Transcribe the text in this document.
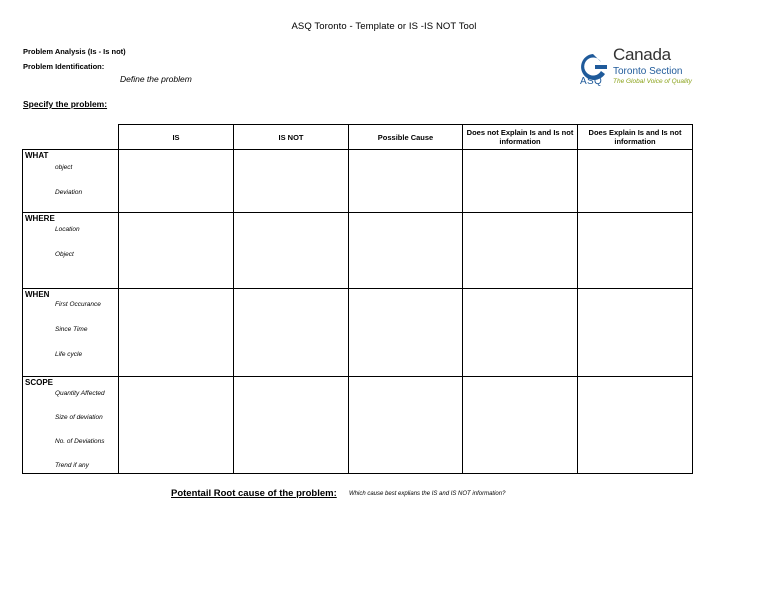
ASQ Toronto - Template or IS -IS NOT Tool
Problem Analysis (Is - Is not)
Problem Identification:
Define the problem
Specify the problem:
ASQ
Canada
Toronto Section
The Global Voice of Quality
	IS	IS NOT	Possible Cause	Does not Explain Is and Is not information	Does Explain Is and Is not information

WHAT
object
Deviation					

WHERE
Location
Object					

WHEN
First Occurance
Since Time
Life cycle					

SCOPE
Quantity Affected
Size of deviation
No. of Deviations
Trend if any					

Potentail Root cause of the problem: Which cause best explians the IS and IS NOT information?
